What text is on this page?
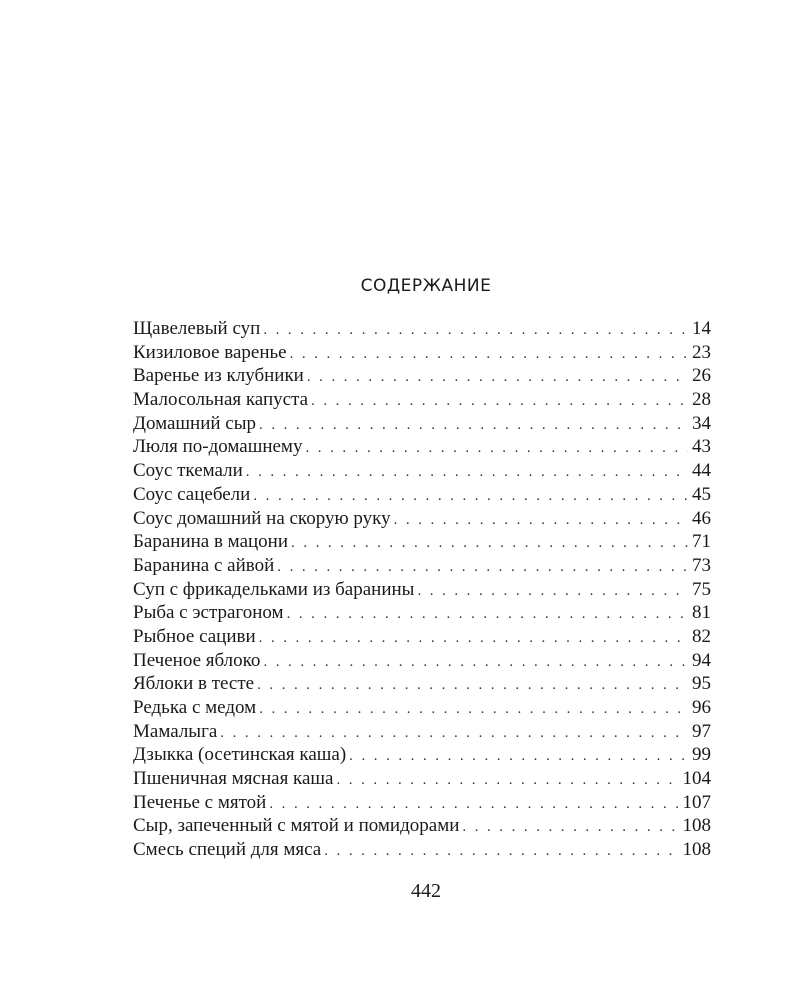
СОДЕРЖАНИЕ
Щавелевый суп . . .	14
Кизиловое варенье . . .	23
Варенье из клубники . . .	26
Малосольная капуста . . .	28
Домашний сыр . . .	34
Люля по-домашнему . . .	43
Соус ткемали . . .	44
Соус сацебели . . .	45
Соус домашний на скорую руку . . .	46
Баранина в мацони . . .	71
Баранина с айвой . . .	73
Суп с фрикадельками из баранины . . .	75
Рыба с эстрагоном . . .	81
Рыбное сациви . . .	82
Печеное яблоко . . .	94
Яблоки в тесте . . .	95
Редька с медом . . .	96
Мамалыга . . .	97
Дзыкка (осетинская каша) . . .	99
Пшеничная мясная каша . . .	104
Печенье с мятой . . .	107
Сыр, запеченный с мятой и помидорами . . .	108
Смесь специй для мяса . . .	108
442
